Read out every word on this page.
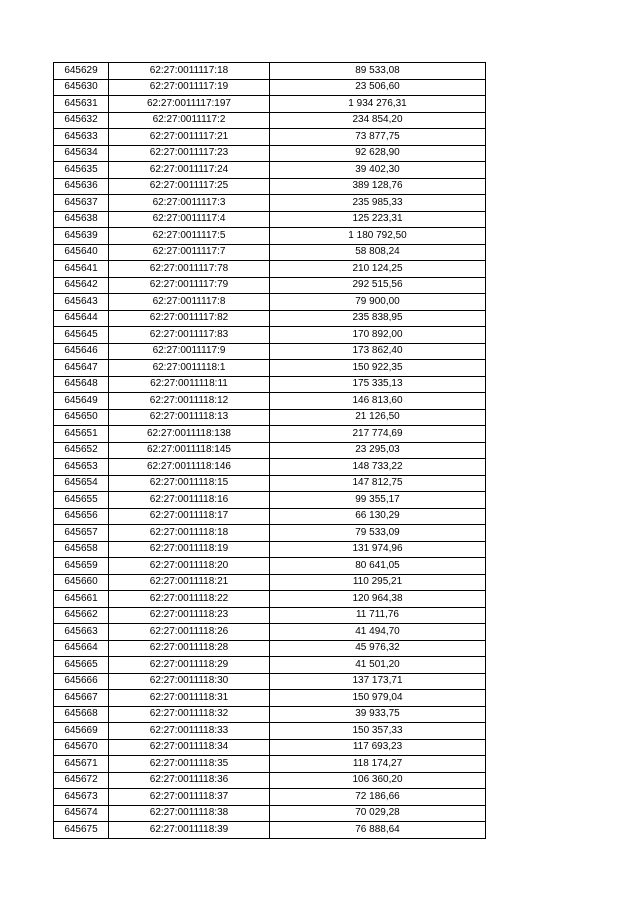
645629	62:27:0011117:18	89 533,08
645630	62:27:0011117:19	23 506,60
645631	62:27:0011117:197	1 934 276,31
645632	62:27:0011117:2	234 854,20
645633	62:27:0011117:21	73 877,75
645634	62:27:0011117:23	92 628,90
645635	62:27:0011117:24	39 402,30
645636	62:27:0011117:25	389 128,76
645637	62:27:0011117:3	235 985,33
645638	62:27:0011117:4	125 223,31
645639	62:27:0011117:5	1 180 792,50
645640	62:27:0011117:7	58 808,24
645641	62:27:0011117:78	210 124,25
645642	62:27:0011117:79	292 515,56
645643	62:27:0011117:8	79 900,00
645644	62:27:0011117:82	235 838,95
645645	62:27:0011117:83	170 892,00
645646	62:27:0011117:9	173 862,40
645647	62:27:0011118:1	150 922,35
645648	62:27:0011118:11	175 335,13
645649	62:27:0011118:12	146 813,60
645650	62:27:0011118:13	21 126,50
645651	62:27:0011118:138	217 774,69
645652	62:27:0011118:145	23 295,03
645653	62:27:0011118:146	148 733,22
645654	62:27:0011118:15	147 812,75
645655	62:27:0011118:16	99 355,17
645656	62:27:0011118:17	66 130,29
645657	62:27:0011118:18	79 533,09
645658	62:27:0011118:19	131 974,96
645659	62:27:0011118:20	80 641,05
645660	62:27:0011118:21	110 295,21
645661	62:27:0011118:22	120 964,38
645662	62:27:0011118:23	11 711,76
645663	62:27:0011118:26	41 494,70
645664	62:27:0011118:28	45 976,32
645665	62:27:0011118:29	41 501,20
645666	62:27:0011118:30	137 173,71
645667	62:27:0011118:31	150 979,04
645668	62:27:0011118:32	39 933,75
645669	62:27:0011118:33	150 357,33
645670	62:27:0011118:34	117 693,23
645671	62:27:0011118:35	118 174,27
645672	62:27:0011118:36	106 360,20
645673	62:27:0011118:37	72 186,66
645674	62:27:0011118:38	70 029,28
645675	62:27:0011118:39	76 888,64
